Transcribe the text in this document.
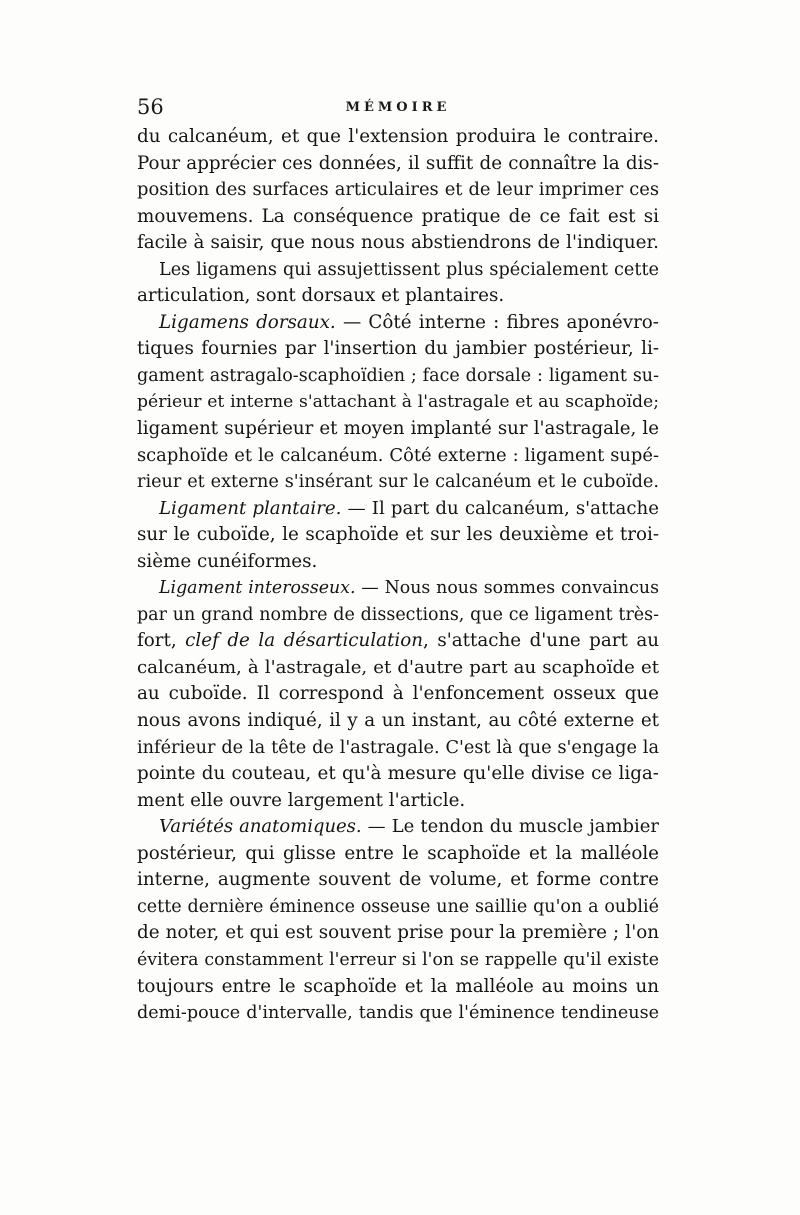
56	MÉMOIRE
du calcanéum, et que l'extension produira le contraire.
Pour apprécier ces données, il suffit de connaître la dis-
position des surfaces articulaires et de leur imprimer ces
mouvemens. La conséquence pratique de ce fait est si
facile à saisir, que nous nous abstiendrons de l'indiquer.
Les ligamens qui assujettissent plus spécialement cette
articulation, sont dorsaux et plantaires.
Ligamens dorsaux. — Côté interne : fibres aponévro-
tiques fournies par l'insertion du jambier postérieur, li-
gament astragalo-scaphoïdien ; face dorsale : ligament su-
périeur et interne s'attachant à l'astragale et au scaphoïde;
ligament supérieur et moyen implanté sur l'astragale, le
scaphoïde et le calcanéum. Côté externe : ligament supé-
rieur et externe s'insérant sur le calcanéum et le cuboïde.
Ligament plantaire. — Il part du calcanéum, s'attache
sur le cuboïde, le scaphoïde et sur les deuxième et troi-
sième cunéiformes.
Ligament interosseux. — Nous nous sommes convaincus
par un grand nombre de dissections, que ce ligament très-
fort, clef de la désarticulation, s'attache d'une part au
calcanéum, à l'astragale, et d'autre part au scaphoïde et
au cuboïde. Il correspond à l'enfoncement osseux que
nous avons indiqué, il y a un instant, au côté externe et
inférieur de la tête de l'astragale. C'est là que s'engage la
pointe du couteau, et qu'à mesure qu'elle divise ce liga-
ment elle ouvre largement l'article.
Variétés anatomiques. — Le tendon du muscle jambier
postérieur, qui glisse entre le scaphoïde et la malléole
interne, augmente souvent de volume, et forme contre
cette dernière éminence osseuse une saillie qu'on a oublié
de noter, et qui est souvent prise pour la première ; l'on
évitera constamment l'erreur si l'on se rappelle qu'il existe
toujours entre le scaphoïde et la malléole au moins un
demi-pouce d'intervalle, tandis que l'éminence tendineuse
